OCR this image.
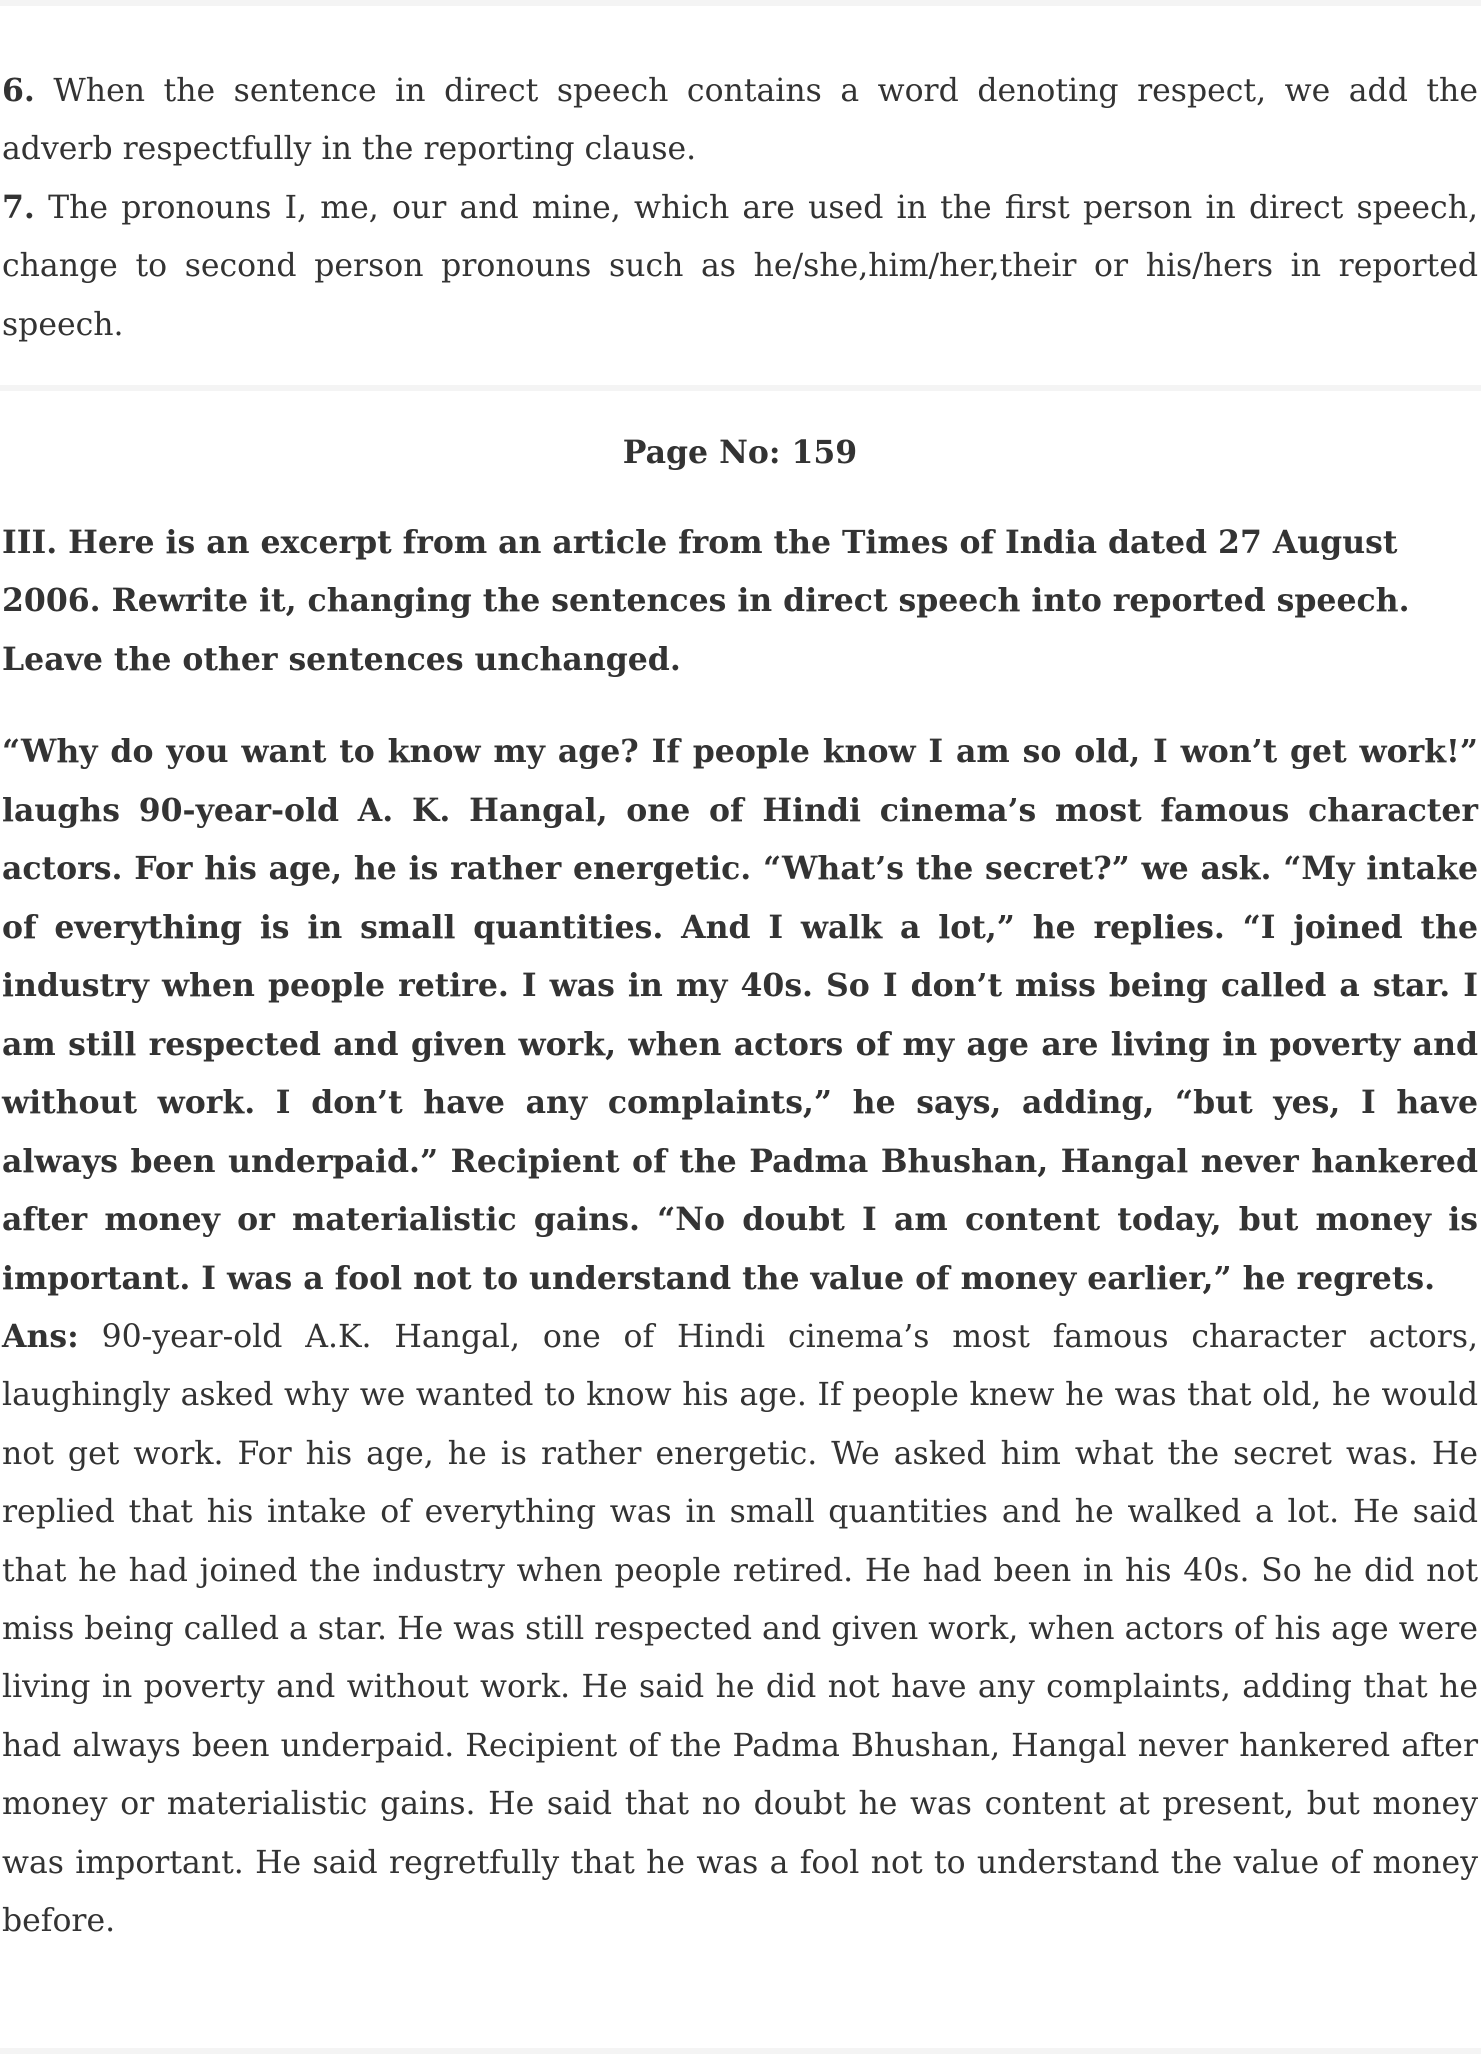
6. When the sentence in direct speech contains a word denoting respect, we add the adverb respectfully in the reporting clause.

7. The pronouns I, me, our and mine, which are used in the first person in direct speech, change to second person pronouns such as he/she,him/her,their or his/hers in reported speech.

Page No: 159

III. Here is an excerpt from an article from the Times of India dated 27 August 2006. Rewrite it, changing the sentences in direct speech into reported speech. Leave the other sentences unchanged.

“Why do you want to know my age? If people know I am so old, I won’t get work!” laughs 90-year-old A. K. Hangal, one of Hindi cinema’s most famous character actors. For his age, he is rather energetic. “What’s the secret?” we ask. “My intake of everything is in small quantities. And I walk a lot,” he replies. “I joined the industry when people retire. I was in my 40s. So I don’t miss being called a star. I am still respected and given work, when actors of my age are living in poverty and without work. I don’t have any complaints,” he says, adding, “but yes, I have always been underpaid.” Recipient of the Padma Bhushan, Hangal never hankered after money or materialistic gains. “No doubt I am content today, but money is important. I was a fool not to understand the value of money earlier,” he regrets.

Ans: 90-year-old A.K. Hangal, one of Hindi cinema’s most famous character actors, laughingly asked why we wanted to know his age. If people knew he was that old, he would not get work. For his age, he is rather energetic. We asked him what the secret was. He replied that his intake of everything was in small quantities and he walked a lot. He said that he had joined the industry when people retired. He had been in his 40s. So he did not miss being called a star. He was still respected and given work, when actors of his age were living in poverty and without work. He said he did not have any complaints, adding that he had always been underpaid. Recipient of the Padma Bhushan, Hangal never hankered after money or materialistic gains. He said that no doubt he was content at present, but money was important. He said regretfully that he was a fool not to understand the value of money before.
